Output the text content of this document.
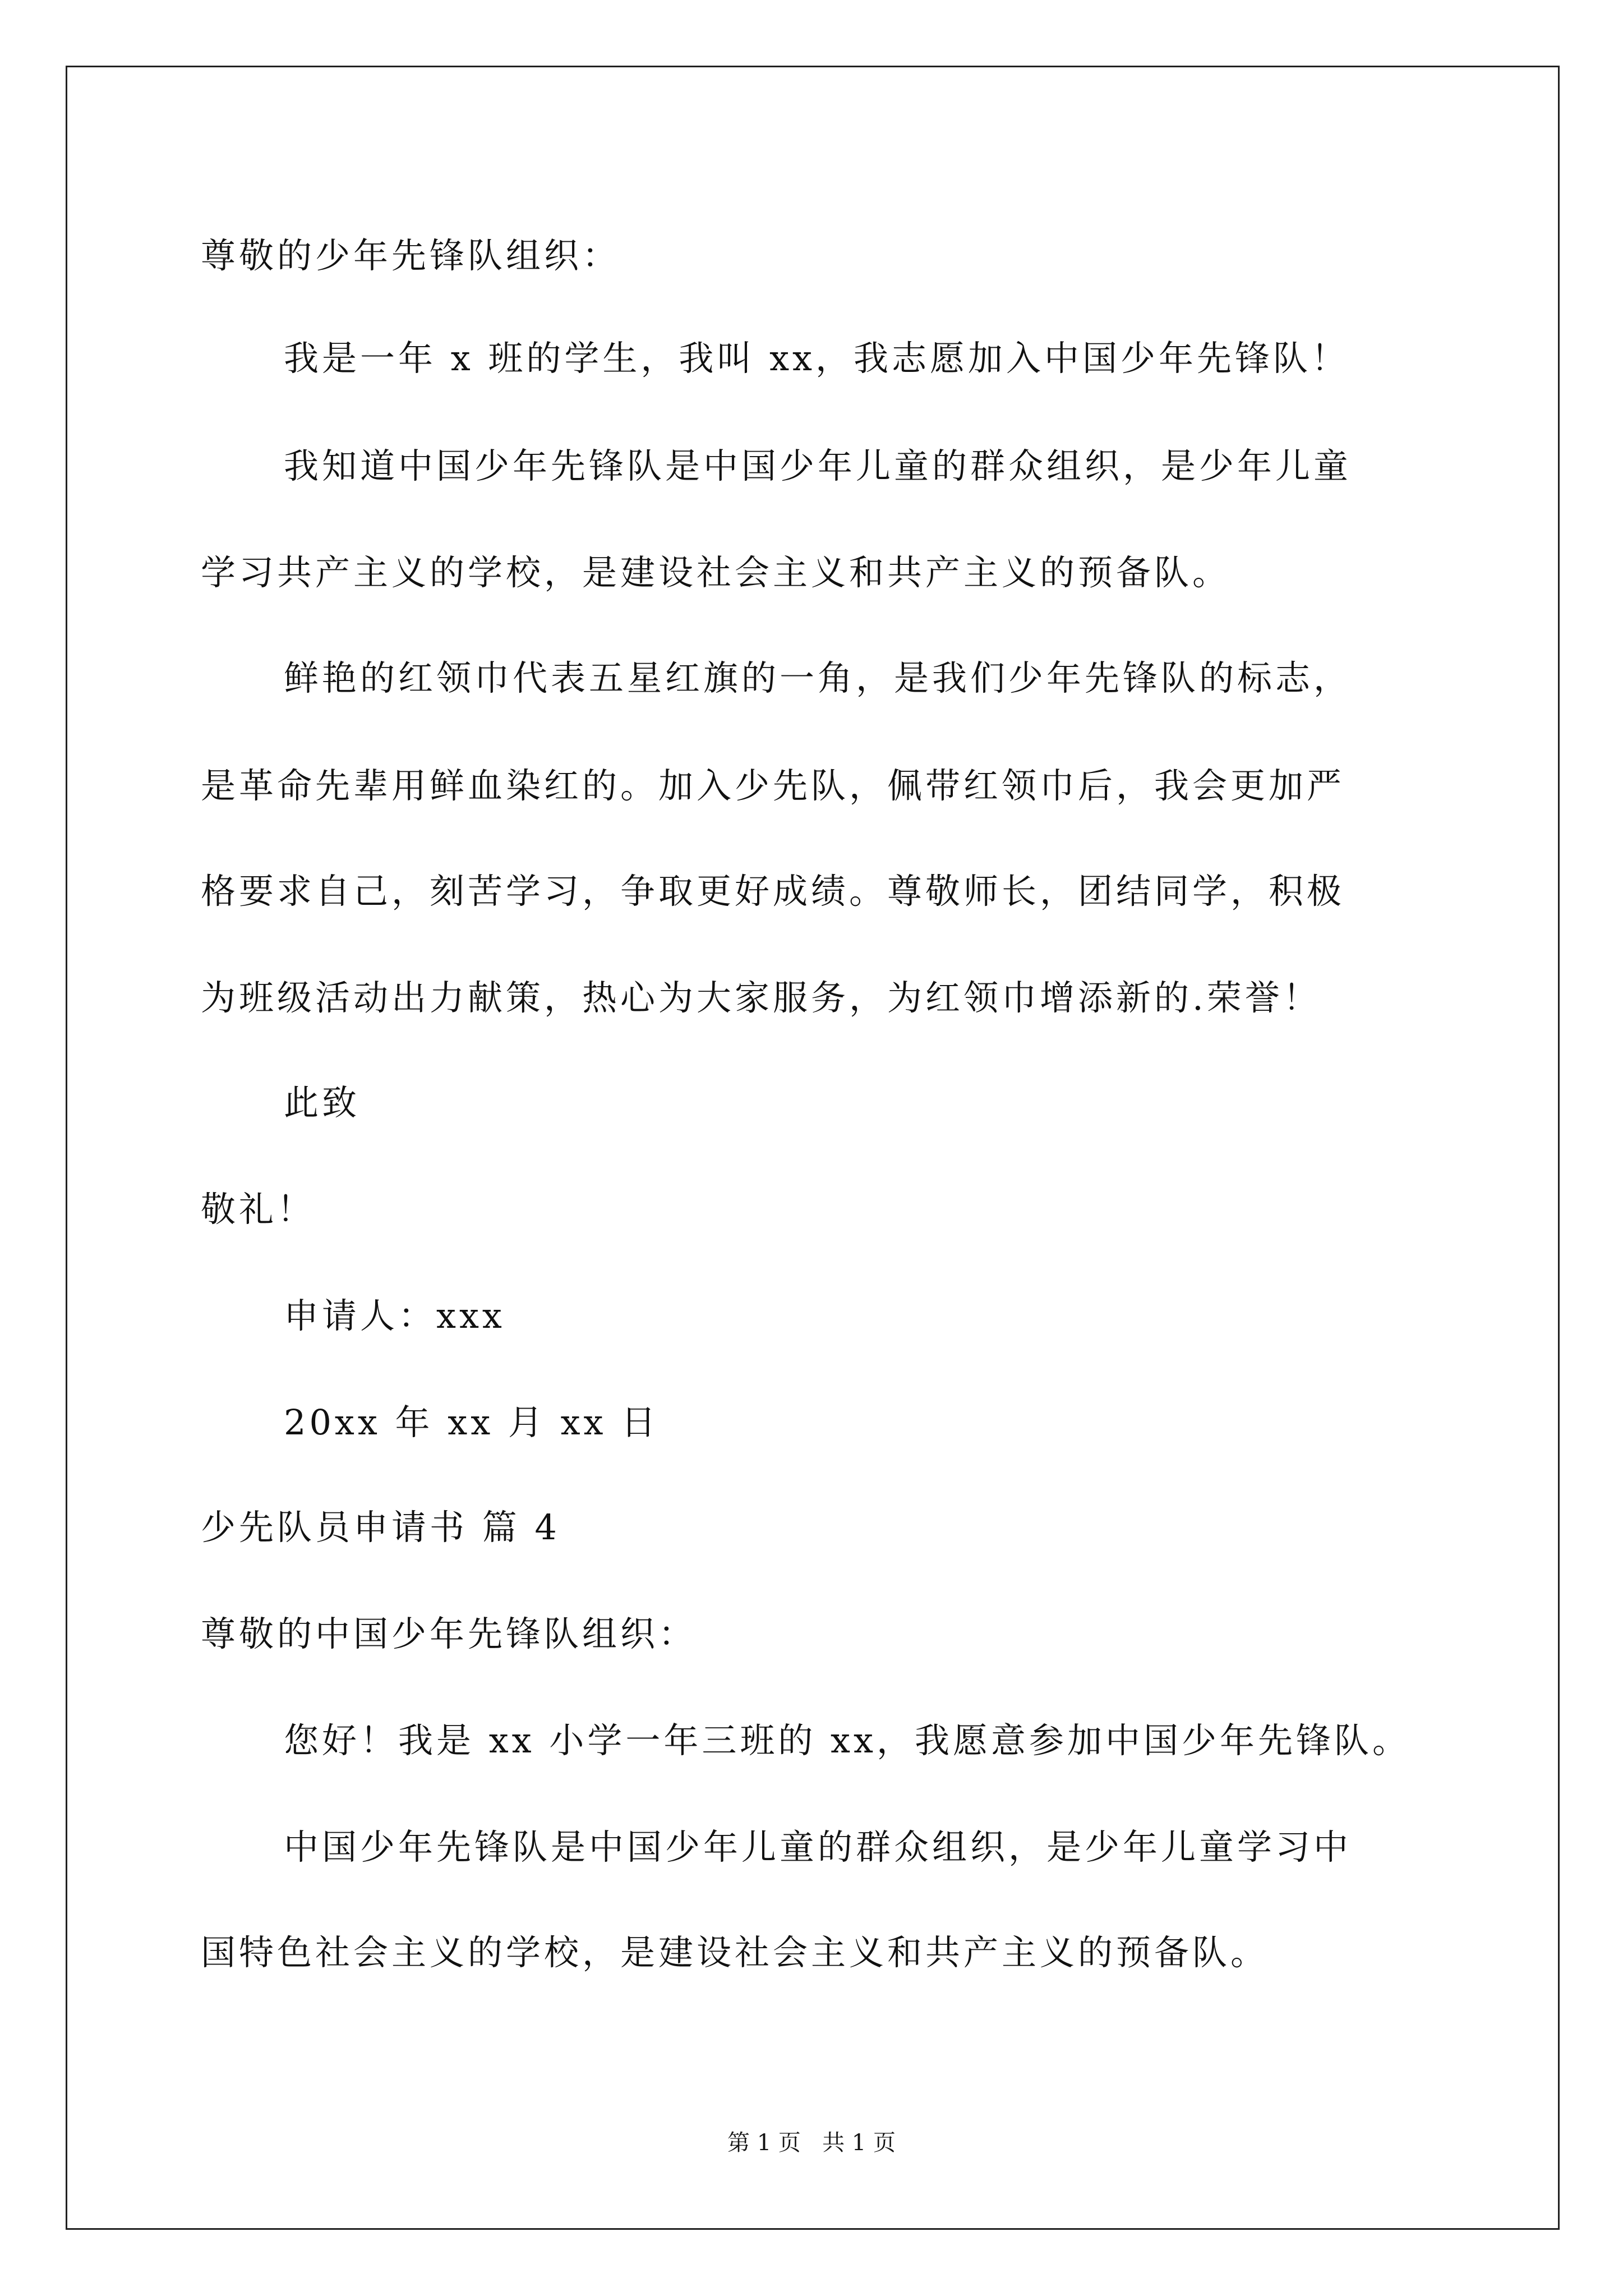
尊敬的少年先锋队组织：
我是一年 x 班的学生，我叫 xx，我志愿加入中国少年先锋队！
我知道中国少年先锋队是中国少年儿童的群众组织，是少年儿童
学习共产主义的学校，是建设社会主义和共产主义的预备队。
鲜艳的红领巾代表五星红旗的一角，是我们少年先锋队的标志，
是革命先辈用鲜血染红的。加入少先队，佩带红领巾后，我会更加严
格要求自己，刻苦学习，争取更好成绩。尊敬师长，团结同学，积极
为班级活动出力献策，热心为大家服务，为红领巾增添新的.荣誉！
此致
敬礼！
申请人：xxx
20xx 年 xx 月 xx 日
少先队员申请书 篇 4
尊敬的中国少年先锋队组织：
您好！我是 xx 小学一年三班的 xx，我愿意参加中国少年先锋队。
中国少年先锋队是中国少年儿童的群众组织，是少年儿童学习中
国特色社会主义的学校，是建设社会主义和共产主义的预备队。
第 1 页   共 1 页
